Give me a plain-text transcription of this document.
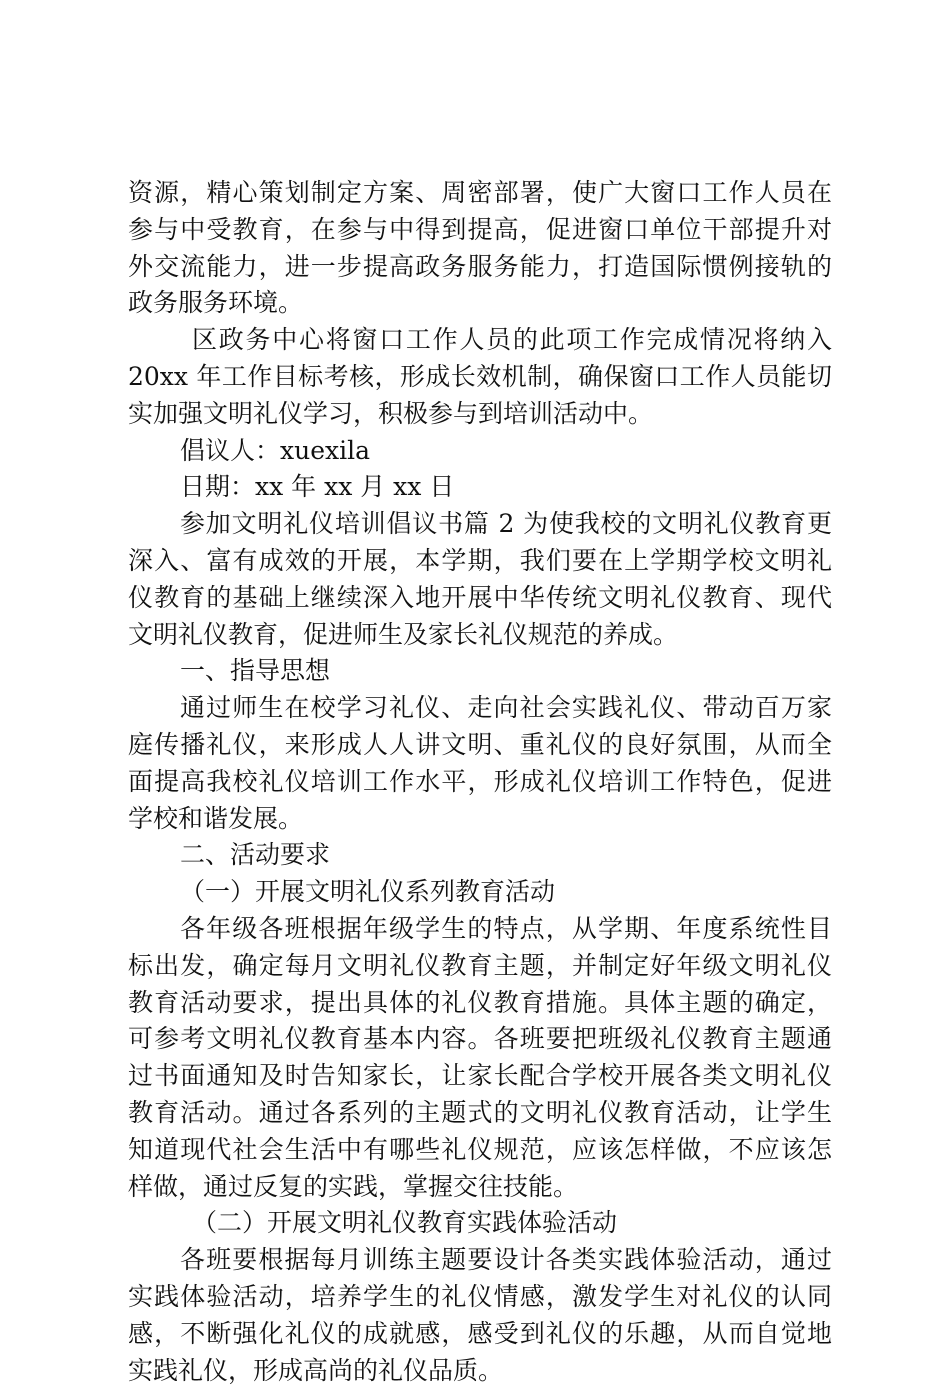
资源，精心策划制定方案、周密部署，使广大窗口工作人员在
参与中受教育，在参与中得到提高，促进窗口单位干部提升对
外交流能力，进一步提高政务服务能力，打造国际惯例接轨的
政务服务环境。
区政务中心将窗口工作人员的此项工作完成情况将纳入
20xx 年工作目标考核，形成长效机制，确保窗口工作人员能切
实加强文明礼仪学习，积极参与到培训活动中。
倡议人：xuexila
日期：xx 年 xx 月 xx 日
参加文明礼仪培训倡议书篇 2 为使我校的文明礼仪教育更
深入、富有成效的开展，本学期，我们要在上学期学校文明礼
仪教育的基础上继续深入地开展中华传统文明礼仪教育、现代
文明礼仪教育，促进师生及家长礼仪规范的养成。
一、指导思想
通过师生在校学习礼仪、走向社会实践礼仪、带动百万家
庭传播礼仪，来形成人人讲文明、重礼仪的良好氛围，从而全
面提高我校礼仪培训工作水平，形成礼仪培训工作特色，促进
学校和谐发展。
二、活动要求
（一）开展文明礼仪系列教育活动
各年级各班根据年级学生的特点，从学期、年度系统性目
标出发，确定每月文明礼仪教育主题，并制定好年级文明礼仪
教育活动要求，提出具体的礼仪教育措施。具体主题的确定，
可参考文明礼仪教育基本内容。各班要把班级礼仪教育主题通
过书面通知及时告知家长，让家长配合学校开展各类文明礼仪
教育活动。通过各系列的主题式的文明礼仪教育活动，让学生
知道现代社会生活中有哪些礼仪规范，应该怎样做，不应该怎
样做，通过反复的实践，掌握交往技能。
（二）开展文明礼仪教育实践体验活动
各班要根据每月训练主题要设计各类实践体验活动，通过
实践体验活动，培养学生的礼仪情感，激发学生对礼仪的认同
感，不断强化礼仪的成就感，感受到礼仪的乐趣，从而自觉地
实践礼仪，形成高尚的礼仪品质。
